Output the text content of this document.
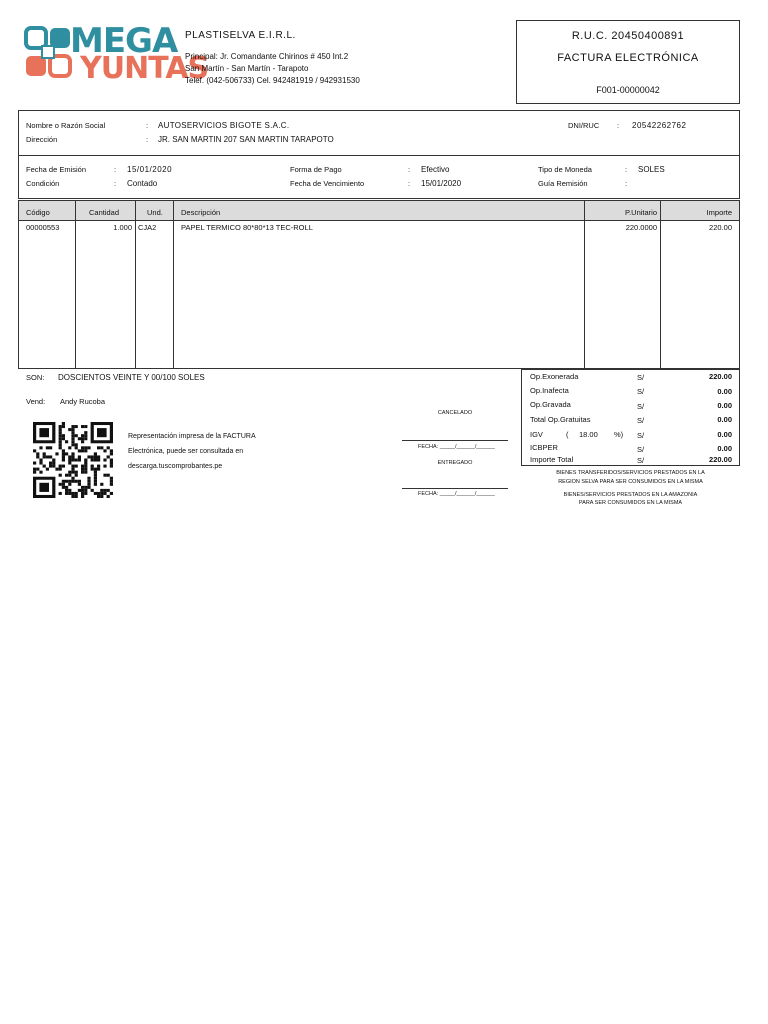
MEGA
YUNTAS
PLASTISELVA E.I.R.L.
Principal: Jr. Comandante Chirinos # 450 Int.2
San Martín - San Martín - Tarapoto
Telef. (042-506733) Cel. 942481919 / 942931530
R.U.C. 20450400891
FACTURA ELECTRÓNICA
F001-00000042
Nombre o Razón Social	: AUTOSERVICIOS BIGOTE S.A.C.
Dirección	: JR. SAN MARTIN 207 SAN MARTIN TARAPOTO
DNI/RUC : 20542262762
Fecha de Emisión	: 15/01/2020
Condición	: Contado
Forma de Pago	: Efectivo
Fecha de Vencimiento	: 15/01/2020
Tipo de Moneda	: SOLES
Guía Remisión	:
Código	Cantidad	Und. Descripción	P.Unitario	Importe
00000553	1.000 CJA2	PAPEL TERMICO 80*80*13 TEC-ROLL	220.0000	220.00
SON: DOSCIENTOS VEINTE Y 00/100 SOLES
Vend: Andy Rucoba
Representación impresa de la FACTURA
Electrónica, puede ser consultada en
descarga.tuscomprobantes.pe
CANCELADO
FECHA: _____/______/______
ENTREGADO
FECHA: _____/______/______
Op.Exonerada	S/	220.00
Op.Inafecta	S/	0.00
Op.Gravada	S/	0.00
Total Op.Gratuitas	S/	0.00
IGV	( 18.00 %) S/	0.00
ICBPER	S/	0.00
Importe Total	S/	220.00
BIENES TRANSFERIDOS/SERVICIOS PRESTADOS EN LA
REGION SELVA PARA SER CONSUMIDOS EN LA MISMA
BIENES/SERVICIOS PRESTADOS EN LA AMAZONIA
PARA SER CONSUMIDOS EN LA MISMA
